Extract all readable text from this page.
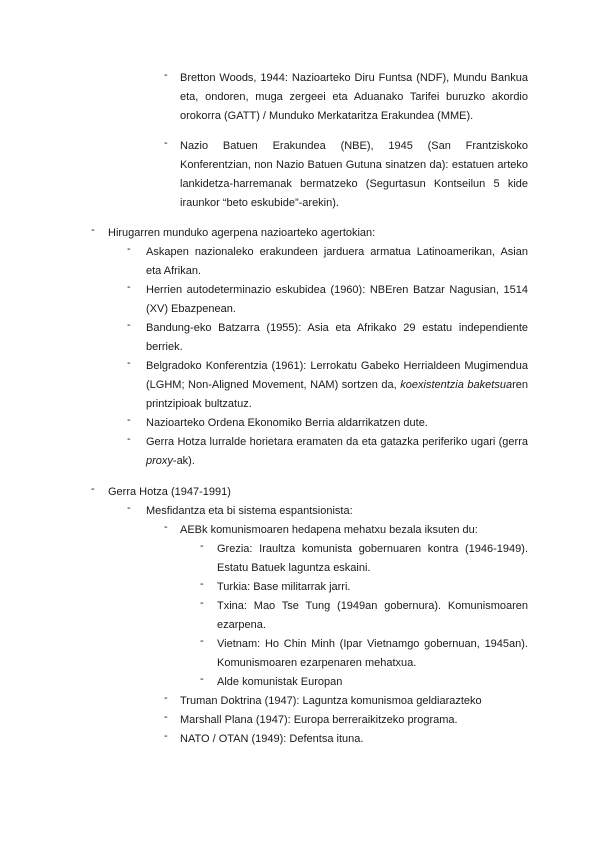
- Bretton Woods, 1944: Nazioarteko Diru Funtsa (NDF), Mundu Bankua eta, ondoren, muga zergeei eta Aduanako Tarifei buruzko akordio orokorra (GATT) / Munduko Merkataritza Erakundea (MME).
- Nazio Batuen Erakundea (NBE), 1945 (San Frantziskoko Konferentzian, non Nazio Batuen Gutuna sinatzen da): estatuen arteko lankidetza-harremanak bermatzeko (Segurtasun Kontseilun 5 kide iraunkor “beto eskubide”-arekin).
- Hirugarren munduko agerpena nazioarteko agertokian:
- Askapen nazionaleko erakundeen jarduera armatua Latinoamerikan, Asian eta Afrikan.
- Herrien autodeterminazio eskubidea (1960): NBEren Batzar Nagusian, 1514 (XV) Ebazpenean.
- Bandung-eko Batzarra (1955): Asia eta Afrikako 29 estatu independiente berriek.
- Belgradoko Konferentzia (1961): Lerrokatu Gabeko Herrialdeen Mugimendua (LGHM; Non-Aligned Movement, NAM) sortzen da, koexistentzia baketsuaren printzipioak bultzatuz.
- Nazioarteko Ordena Ekonomiko Berria aldarrikatzen dute.
- Gerra Hotza lurralde horietara eramaten da eta gatazka periferiko ugari (gerra proxy-ak).
- Gerra Hotza (1947-1991)
- Mesfidantza eta bi sistema espantsionista:
- AEBk komunismoaren hedapena mehatxu bezala iksuten du:
- Grezia: Iraultza komunista gobernuaren kontra (1946-1949). Estatu Batuek laguntza eskaini.
- Turkia: Base militarrak jarri.
- Txina: Mao Tse Tung (1949an gobernura). Komunismoaren ezarpena.
- Vietnam: Ho Chin Minh (Ipar Vietnamgo gobernuan, 1945an). Komunismoaren ezarpenaren mehatxua.
- Alde komunistak Europan
- Truman Doktrina (1947): Laguntza komunismoa geldiarazteko
- Marshall Plana (1947): Europa berreraikitzeko programa.
- NATO / OTAN (1949): Defentsa ituna.
